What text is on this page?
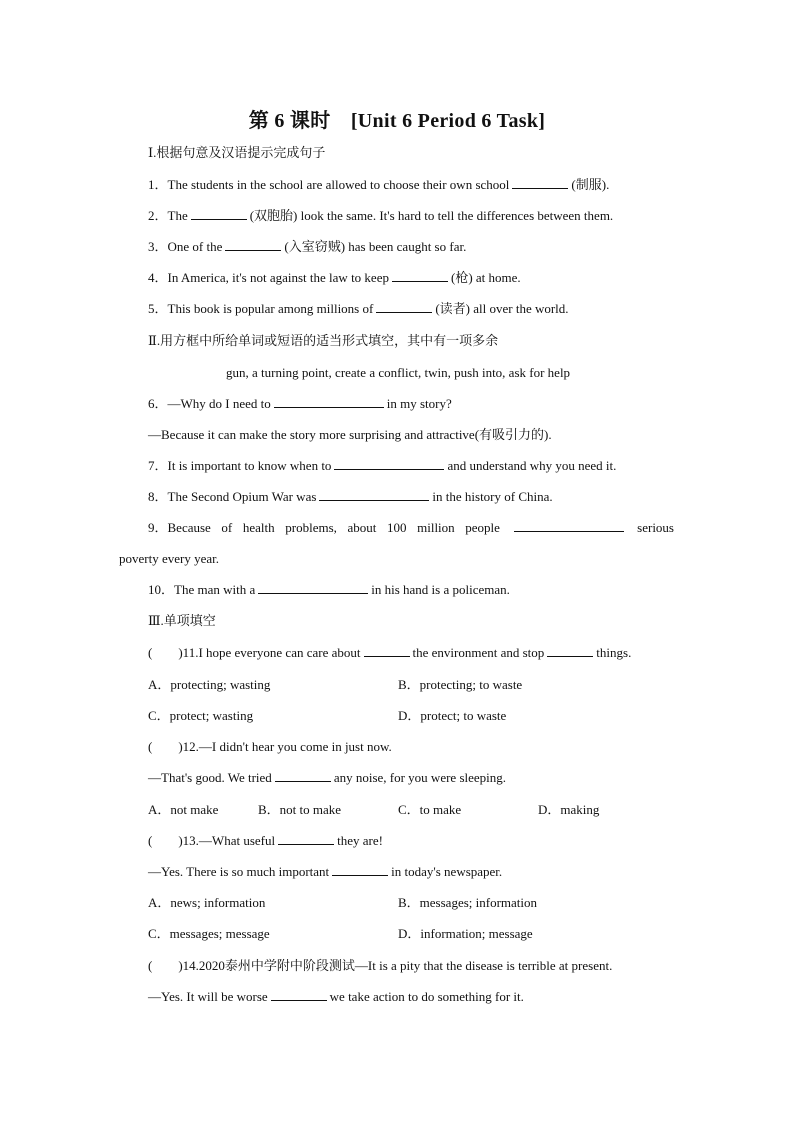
第 6 课时　[Unit 6 Period 6 Task]
Ⅰ.根据句意及汉语提示完成句子
1．The students in the school are allowed to choose their own school	(制服).
2．The	(双胞胎) look the same. It's hard to tell the differences between them.
3．One of the	(入室窃贼) has been caught so far.
4．In America, it's not against the law to keep	(枪) at home.
5．This book is popular among millions of	(读者) all over the world.
Ⅱ.用方框中所给单词或短语的适当形式填空，其中有一项多余
gun, a turning point, create a conflict, twin, push into, ask for help
6．—Why do I need to	in my story?
—Because it can make the story more surprising and attractive(有吸引力的).
7．It is important to know when to	and understand why you need it.
8．The Second Opium War was	in the history of China.
9．Because of health problems, about 100 million people	serious
poverty every year.
10．The man with a	in his hand is a policeman.
Ⅲ.单项填空
(　　)11.I hope everyone can care about	the environment and stop	things.
A．protecting; wasting	B．protecting; to waste
C．protect; wasting	D．protect; to waste
(　　)12.—I didn't hear you come in just now.
—That's good. We tried	any noise, for you were sleeping.
A．not make	B．not to make	C．to make	D．making
(　　)13.—What useful	they are!
—Yes. There is so much important	in today's newspaper.
A．news; information	B．messages; information
C．messages; message	D．information; message
(　　)14.2020泰州中学附中阶段测试—It is a pity that the disease is terrible at present.
—Yes. It will be worse	we take action to do something for it.
